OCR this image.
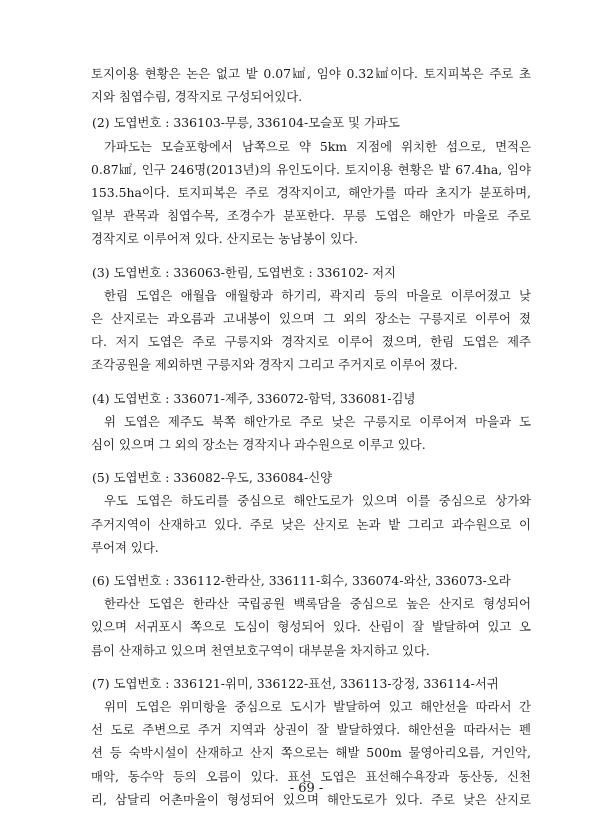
토지이용 현황은 논은 없고 밭 0.07㎢, 임야 0.32㎢이다. 토지피복은 주로 초
지와 침엽수림, 경작지로 구성되어있다.
(2) 도엽번호 : 336103-무릉, 336104-모슬포 및 가파도
가파도는 모슬포항에서 남쪽으로 약 5km 지점에 위치한 섬으로, 면적은
0.87㎢, 인구 246명(2013년)의 유인도이다. 토지이용 현황은 밭 67.4ha, 임야
153.5ha이다. 토지피복은 주로 경작지이고, 해안가를 따라 초지가 분포하며,
일부 관목과 침엽수목, 조경수가 분포한다. 무릉 도엽은 해안가 마을로 주로
경작지로 이루어져 있다. 산지로는 농남봉이 있다.
(3) 도엽번호 : 336063-한림, 도엽번호 : 336102- 저지
한림 도엽은 애월읍 애월항과 하기리, 곽지리 등의 마을로 이루어졌고 낮
은 산지로는 과오름과 고내봉이 있으며 그 외의 장소는 구릉지로 이루어 졌
다. 저지 도엽은 주로 구릉지와 경작지로 이루어 졌으며, 한림 도엽은 제주
조각공원을 제외하면 구릉지와 경작지 그리고 주거지로 이루어 졌다.
(4) 도엽번호 : 336071-제주, 336072-함덕, 336081-김녕
위 도엽은 제주도 북쪽 해안가로 주로 낮은 구릉지로 이루어져 마을과 도
심이 있으며 그 외의 장소는 경작지나 과수원으로 이루고 있다.
(5) 도엽번호 : 336082-우도, 336084-신양
우도 도엽은 하도리를 중심으로 해안도로가 있으며 이를 중심으로 상가와
주거지역이 산재하고 있다. 주로 낮은 산지로 논과 밭 그리고 과수원으로 이
루어져 있다.
(6) 도엽번호 : 336112-한라산, 336111-회수, 336074-와산, 336073-오라
한라산 도엽은 한라산 국립공원 백록담을 중심으로 높은 산지로 형성되어
있으며 서귀포시 쪽으로 도심이 형성되어 있다. 산림이 잘 발달하여 있고 오
름이 산재하고 있으며 천연보호구역이 대부분을 차지하고 있다.
(7) 도엽번호 : 336121-위미, 336122-표선, 336113-강정, 336114-서귀
위미 도엽은 위미항을 중심으로 도시가 발달하여 있고 해안선을 따라서 간
선 도로 주변으로 주거 지역과 상권이 잘 발달하였다. 해안선을 따라서는 펜
션 등 숙박시설이 산재하고 산지 쪽으로는 해발 500m 물영아리오름, 거인악,
매악, 동수악 등의 오름이 있다. 표선 도엽은 표선해수욕장과 동산동, 신천
리, 삼달리 어촌마을이 형성되어 있으며 해안도로가 있다. 주로 낮은 산지로
- 69 -
